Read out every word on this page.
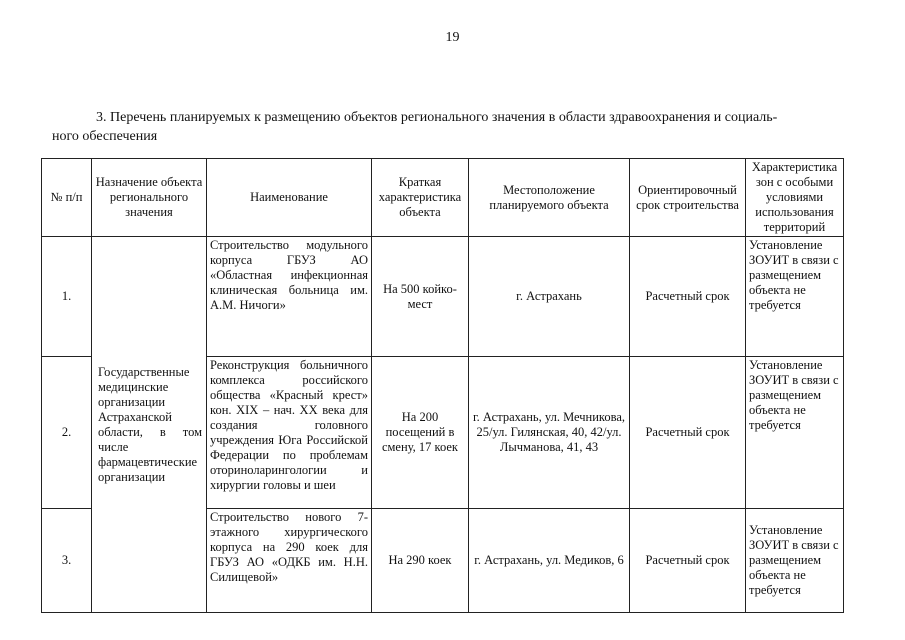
19
3. Перечень планируемых к размещению объектов регионального значения в области здравоохранения и социаль-
ного обеспечения
№ п/п	Назначение объекта регионального значения	Наименование	Краткая характеристика объекта	Местоположение планируемого объекта	Ориентировочный срок строительства	Характеристика зон с особыми условиями использования территорий
1.	Государственные медицинские организации Астраханской области, в том числе фармацевтические организации	Строительство модульного корпуса ГБУЗ АО «Областная инфекционная клиническая больница им. А.М. Ничоги»	На 500 койко-мест	г. Астрахань	Расчетный срок	Установление ЗОУИТ в связи с размещением объекта не требуется
2.		Реконструкция больничного комплекса российского общества «Красный крест» кон. XIX – нач. XX века для создания головного учреждения Юга Российской Федерации по проблемам оториноларингологии и хирургии головы и шеи	На 200 посещений в смену, 17 коек	г. Астрахань, ул. Мечникова, 25/ул. Гилянская, 40, 42/ул. Лычманова, 41, 43	Расчетный срок	Установление ЗОУИТ в связи с размещением объекта не требуется
3.		Строительство нового 7-этажного хирургического корпуса на 290 коек для ГБУЗ АО «ОДКБ им. Н.Н. Силищевой»	На 290 коек	г. Астрахань, ул. Медиков, 6	Расчетный срок	Установление ЗОУИТ в связи с размещением объекта не требуется
